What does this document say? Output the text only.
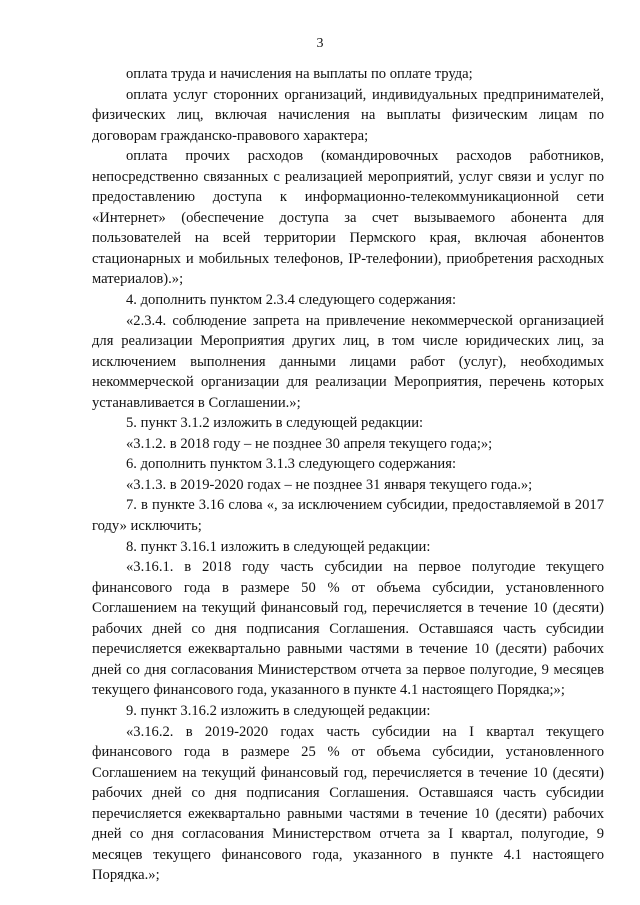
3

оплата труда и начисления на выплаты по оплате труда;

оплата услуг сторонних организаций, индивидуальных предпринимателей, физических лиц, включая начисления на выплаты физическим лицам по договорам гражданско-правового характера;

оплата прочих расходов (командировочных расходов работников, непосредственно связанных с реализацией мероприятий, услуг связи и услуг по предоставлению доступа к информационно-телекоммуникационной сети «Интернет» (обеспечение доступа за счет вызываемого абонента для пользователей на всей территории Пермского края, включая абонентов стационарных и мобильных телефонов, IP-телефонии), приобретения расходных материалов).»;

4. дополнить пунктом 2.3.4 следующего содержания:

«2.3.4. соблюдение запрета на привлечение некоммерческой организацией для реализации Мероприятия других лиц, в том числе юридических лиц, за исключением выполнения данными лицами работ (услуг), необходимых некоммерческой организации для реализации Мероприятия, перечень которых устанавливается в Соглашении.»;

5. пункт 3.1.2 изложить в следующей редакции:

«3.1.2. в 2018 году – не позднее 30 апреля текущего года;»;

6. дополнить пунктом 3.1.3 следующего содержания:

«3.1.3. в 2019-2020 годах – не позднее 31 января текущего года.»;

7. в пункте 3.16 слова «, за исключением субсидии, предоставляемой в 2017 году» исключить;

8. пункт 3.16.1 изложить в следующей редакции:

«3.16.1. в 2018 году часть субсидии на первое полугодие текущего финансового года в размере 50 % от объема субсидии, установленного Соглашением на текущий финансовый год, перечисляется в течение 10 (десяти) рабочих дней со дня подписания Соглашения. Оставшаяся часть субсидии перечисляется ежеквартально равными частями в течение 10 (десяти) рабочих дней со дня согласования Министерством отчета за первое полугодие, 9 месяцев текущего финансового года, указанного в пункте 4.1 настоящего Порядка;»;

9. пункт 3.16.2 изложить в следующей редакции:

«3.16.2. в 2019-2020 годах часть субсидии на I квартал текущего финансового года в размере 25 % от объема субсидии, установленного Соглашением на текущий финансовый год, перечисляется в течение 10 (десяти) рабочих дней со дня подписания Соглашения. Оставшаяся часть субсидии перечисляется ежеквартально равными частями в течение 10 (десяти) рабочих дней со дня согласования Министерством отчета за I квартал, полугодие, 9 месяцев текущего финансового года, указанного в пункте 4.1 настоящего Порядка.»;
